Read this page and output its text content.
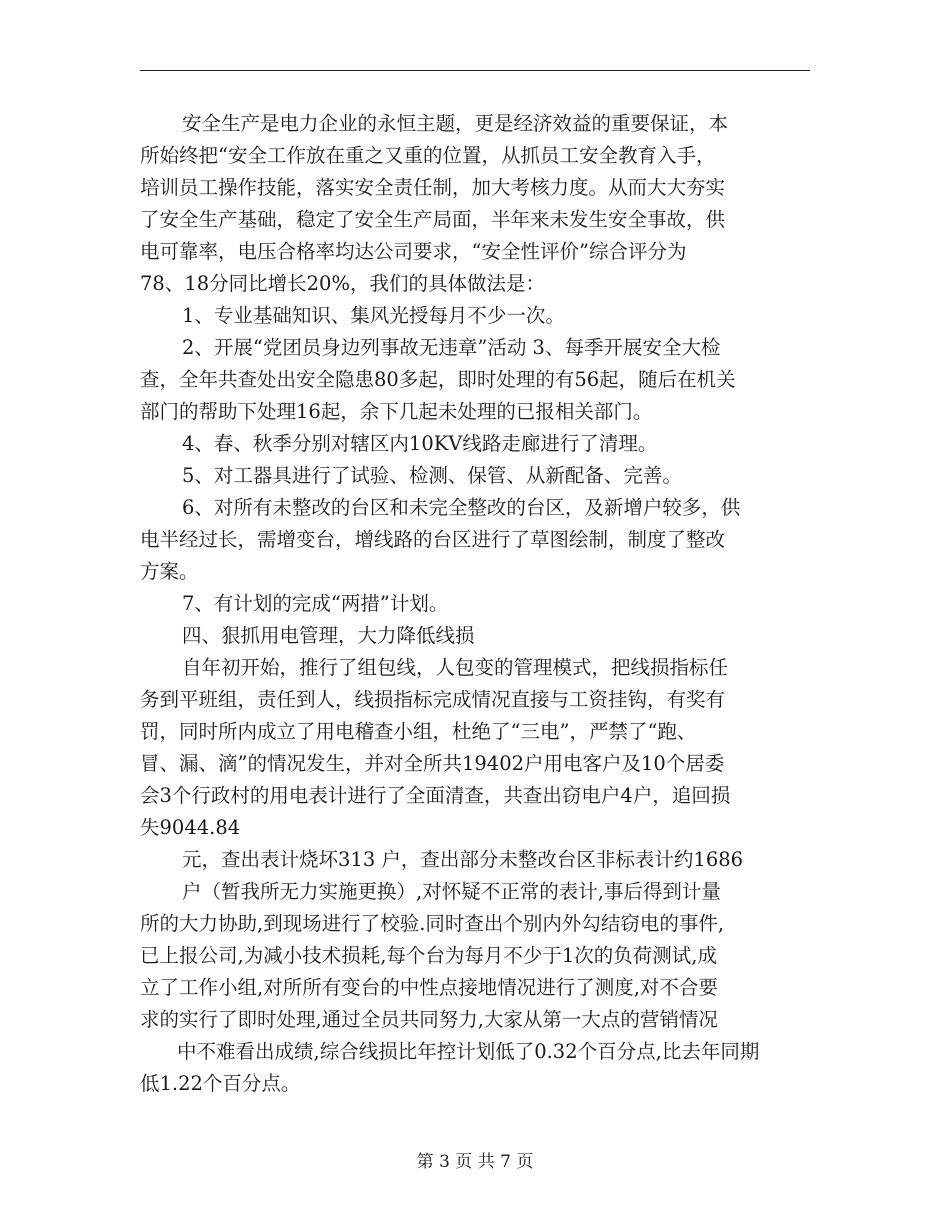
安全生产是电力企业的永恒主题，更是经济效益的重要保证，本
所始终把“安全工作放在重之又重的位置，从抓员工安全教育入手，
培训员工操作技能，落实安全责任制，加大考核力度。从而大大夯实
了安全生产基础，稳定了安全生产局面，半年来未发生安全事故，供
电可靠率，电压合格率均达公司要求，“安全性评价”综合评分为
78、18分同比增长20%，我们的具体做法是：
1、专业基础知识、集风光授每月不少一次。
2、开展“党团员身边列事故无违章”活动 3、每季开展安全大检
查，全年共查处出安全隐患80多起，即时处理的有56起，随后在机关
部门的帮助下处理16起，余下几起未处理的已报相关部门。
4、春、秋季分别对辖区内10KV线路走廊进行了清理。
5、对工器具进行了试验、检测、保管、从新配备、完善。
6、对所有未整改的台区和未完全整改的台区，及新增户较多，供
电半经过长，需增变台，增线路的台区进行了草图绘制，制度了整改
方案。
7、有计划的完成“两措”计划。
四、狠抓用电管理，大力降低线损
自年初开始，推行了组包线，人包变的管理模式，把线损指标任
务到平班组，责任到人，线损指标完成情况直接与工资挂钩，有奖有
罚，同时所内成立了用电稽查小组，杜绝了“三电”，严禁了“跑、
冒、漏、滴”的情况发生，并对全所共19402户用电客户及10个居委
会3个行政村的用电表计进行了全面清查，共查出窃电户4户，追回损
失9044.84
元，查出表计烧坏313 户，查出部分未整改台区非标表计约1686
户（暂我所无力实施更换）,对怀疑不正常的表计,事后得到计量
所的大力协助,到现场进行了校验.同时查出个别内外勾结窃电的事件,
已上报公司,为减小技术损耗,每个台为每月不少于1次的负荷测试,成
立了工作小组,对所所有变台的中性点接地情况进行了测度,对不合要
求的实行了即时处理,通过全员共同努力,大家从第一大点的营销情况
中不难看出成绩,综合线损比年控计划低了0.32个百分点,比去年同期
低1.22个百分点。
第 3 页 共 7 页
